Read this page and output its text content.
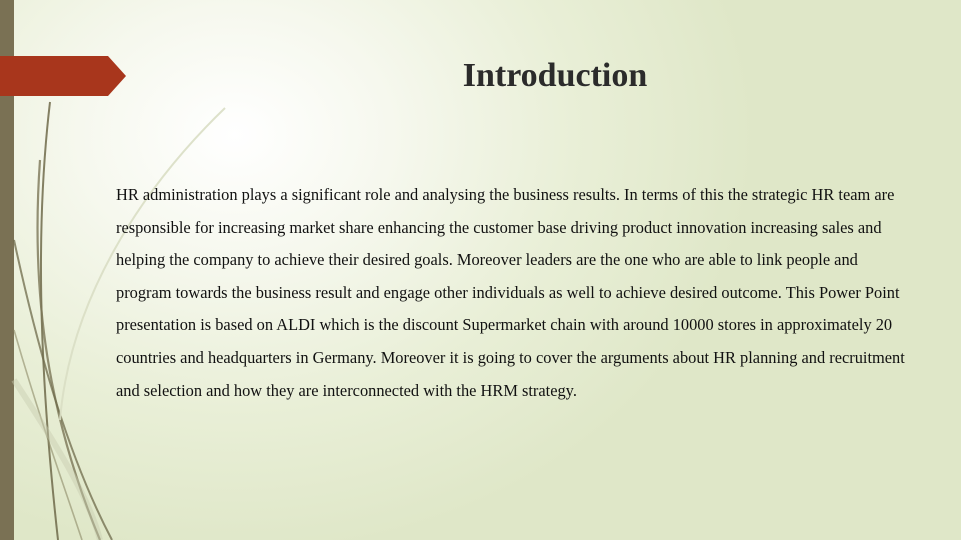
Introduction

HR administration plays a significant role and analysing the business results. In terms of this the strategic HR team are responsible for increasing market share enhancing the customer base driving product innovation increasing sales and helping the company to achieve their desired goals. Moreover leaders are the one who are able to link people and program towards the business result and engage other individuals as well to achieve desired outcome. This Power Point presentation is based on ALDI which is the discount Supermarket chain with around 10000 stores in approximately 20 countries and headquarters in Germany. Moreover it is going to cover the arguments about HR planning and recruitment and selection and how they are interconnected with the HRM strategy.
